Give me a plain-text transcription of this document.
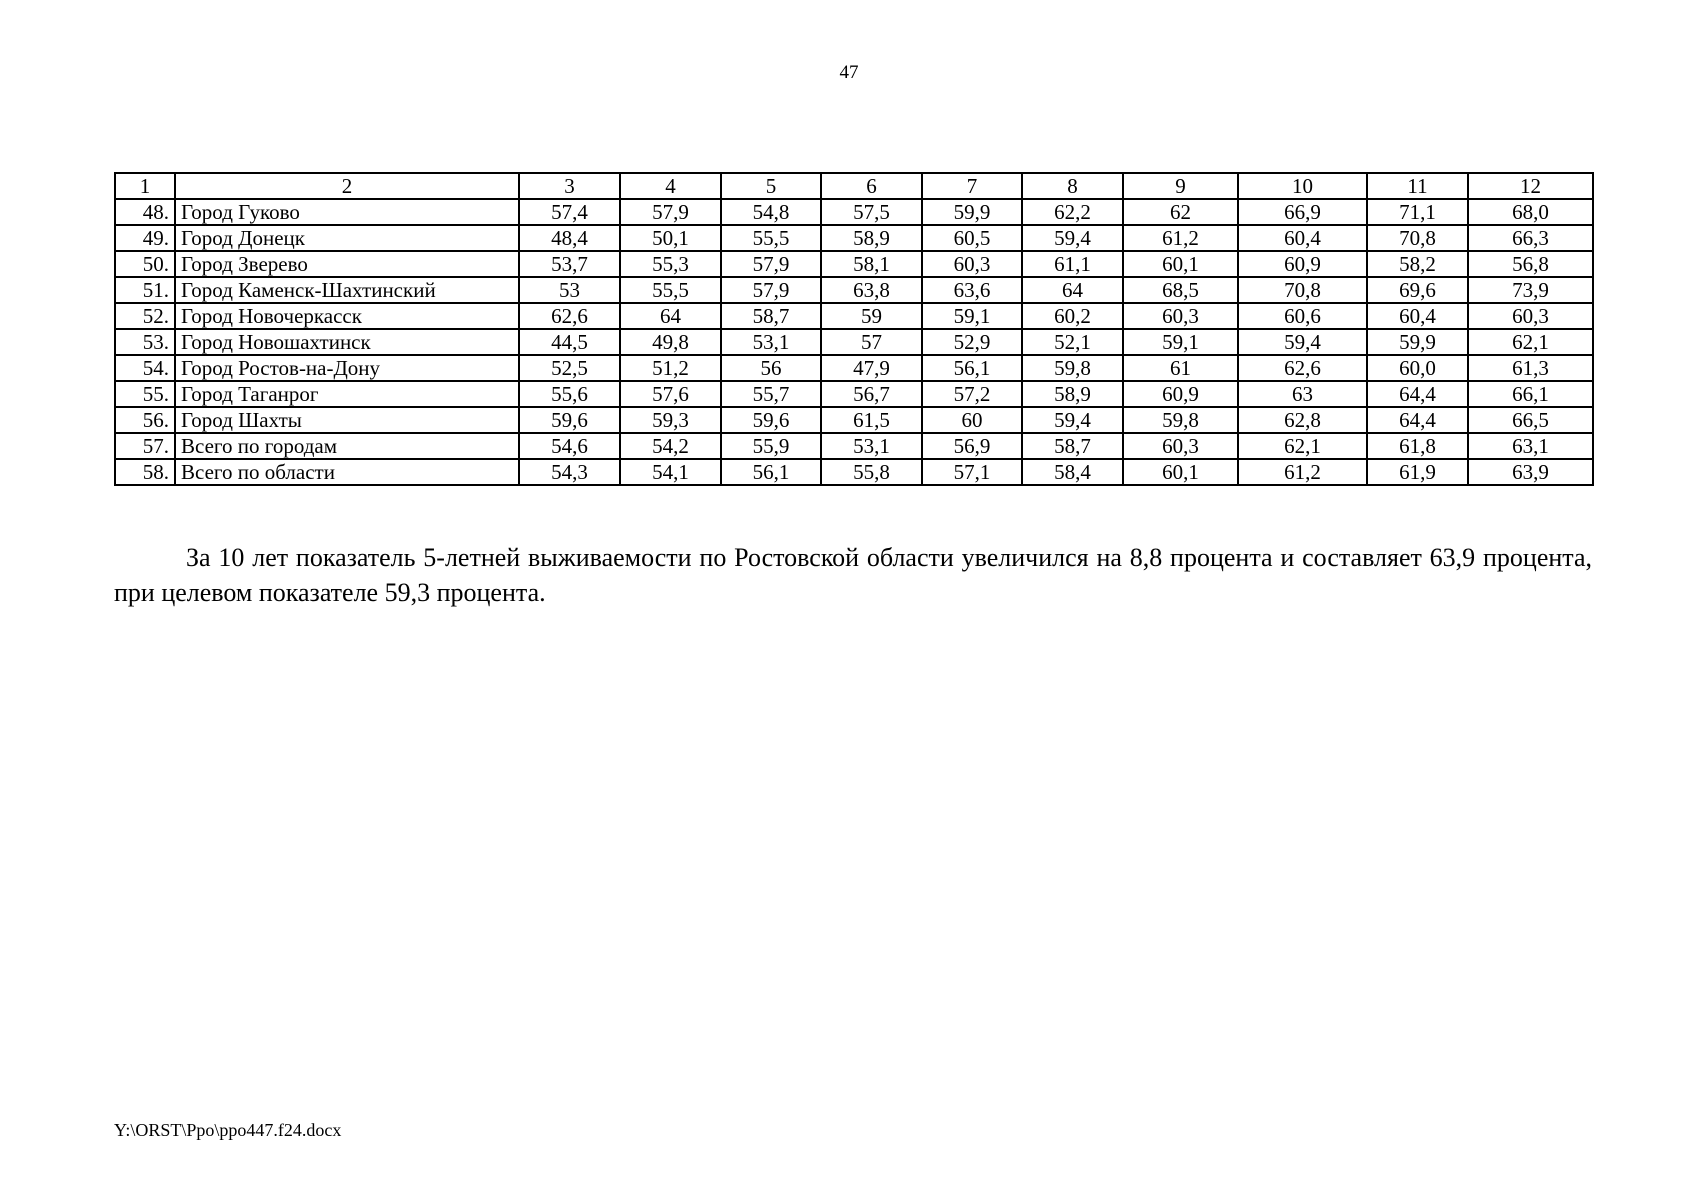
47
1	2	3	4	5	6	7	8	9	10	11	12
48.	Город Гуково	57,4	57,9	54,8	57,5	59,9	62,2	62	66,9	71,1	68,0
49.	Город Донецк	48,4	50,1	55,5	58,9	60,5	59,4	61,2	60,4	70,8	66,3
50.	Город Зверево	53,7	55,3	57,9	58,1	60,3	61,1	60,1	60,9	58,2	56,8
51.	Город Каменск-Шахтинский	53	55,5	57,9	63,8	63,6	64	68,5	70,8	69,6	73,9
52.	Город Новочеркасск	62,6	64	58,7	59	59,1	60,2	60,3	60,6	60,4	60,3
53.	Город Новошахтинск	44,5	49,8	53,1	57	52,9	52,1	59,1	59,4	59,9	62,1
54.	Город Ростов-на-Дону	52,5	51,2	56	47,9	56,1	59,8	61	62,6	60,0	61,3
55.	Город Таганрог	55,6	57,6	55,7	56,7	57,2	58,9	60,9	63	64,4	66,1
56.	Город Шахты	59,6	59,3	59,6	61,5	60	59,4	59,8	62,8	64,4	66,5
57.	Всего по городам	54,6	54,2	55,9	53,1	56,9	58,7	60,3	62,1	61,8	63,1
58.	Всего по области	54,3	54,1	56,1	55,8	57,1	58,4	60,1	61,2	61,9	63,9

За 10 лет показатель 5-летней выживаемости по Ростовской области увеличился на 8,8 процента и составляет 63,9 процента, при целевом показателе 59,3 процента.

Y:\ORST\Ppo\ppo447.f24.docx
